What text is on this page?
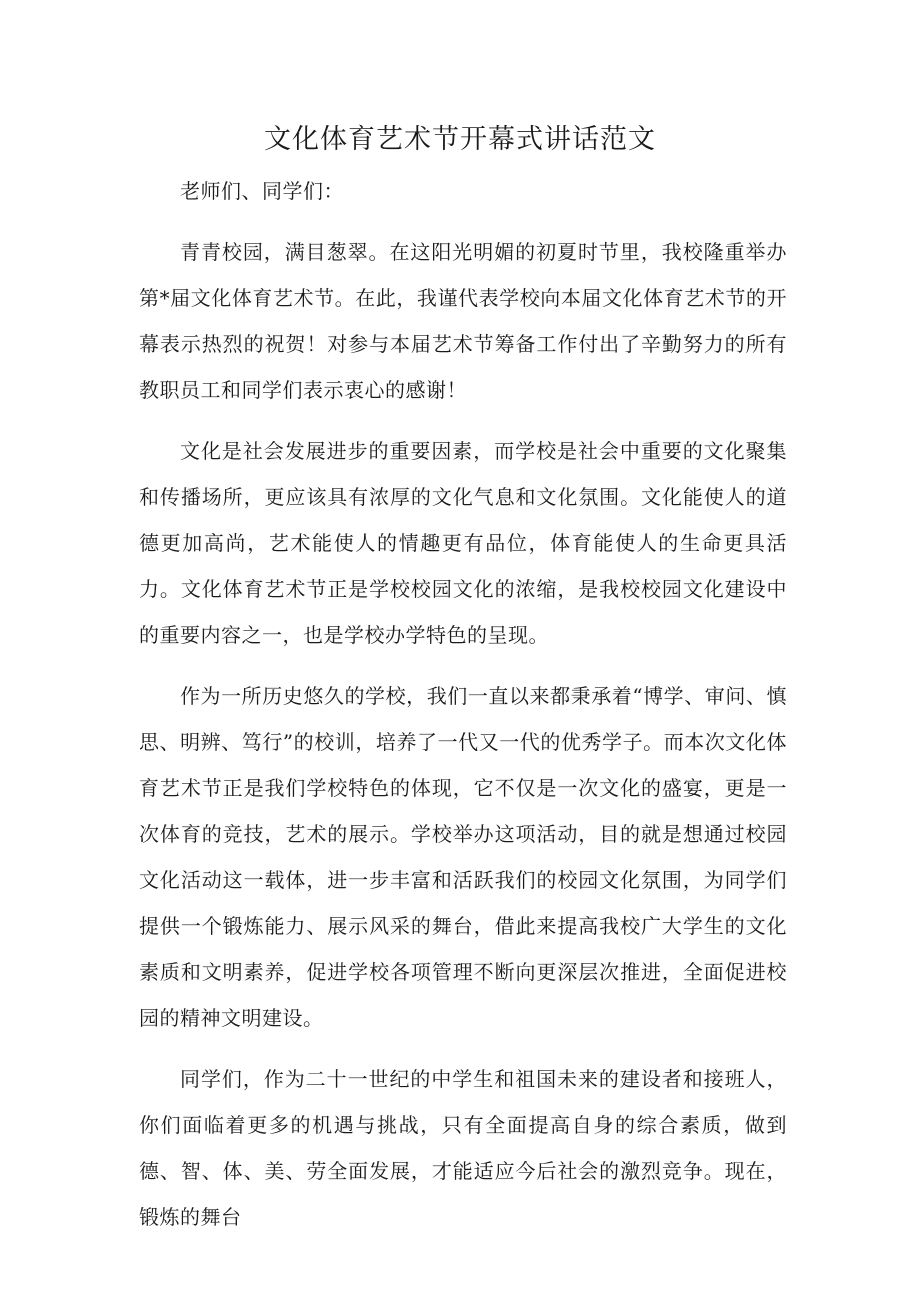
文化体育艺术节开幕式讲话范文

老师们、同学们：

青青校园，满目葱翠。在这阳光明媚的初夏时节里，我校隆重举办第*届文化体育艺术节。在此，我谨代表学校向本届文化体育艺术节的开幕表示热烈的祝贺！对参与本届艺术节筹备工作付出了辛勤努力的所有教职员工和同学们表示衷心的感谢！

文化是社会发展进步的重要因素，而学校是社会中重要的文化聚集和传播场所，更应该具有浓厚的文化气息和文化氛围。文化能使人的道德更加高尚，艺术能使人的情趣更有品位，体育能使人的生命更具活力。文化体育艺术节正是学校校园文化的浓缩，是我校校园文化建设中的重要内容之一，也是学校办学特色的呈现。

作为一所历史悠久的学校，我们一直以来都秉承着“博学、审问、慎思、明辨、笃行”的校训，培养了一代又一代的优秀学子。而本次文化体育艺术节正是我们学校特色的体现，它不仅是一次文化的盛宴，更是一次体育的竞技，艺术的展示。学校举办这项活动，目的就是想通过校园文化活动这一载体，进一步丰富和活跃我们的校园文化氛围，为同学们提供一个锻炼能力、展示风采的舞台，借此来提高我校广大学生的文化素质和文明素养，促进学校各项管理不断向更深层次推进，全面促进校园的精神文明建设。

同学们，作为二十一世纪的中学生和祖国未来的建设者和接班人，你们面临着更多的机遇与挑战，只有全面提高自身的综合素质，做到德、智、体、美、劳全面发展，才能适应今后社会的激烈竞争。现在，锻炼的舞台
